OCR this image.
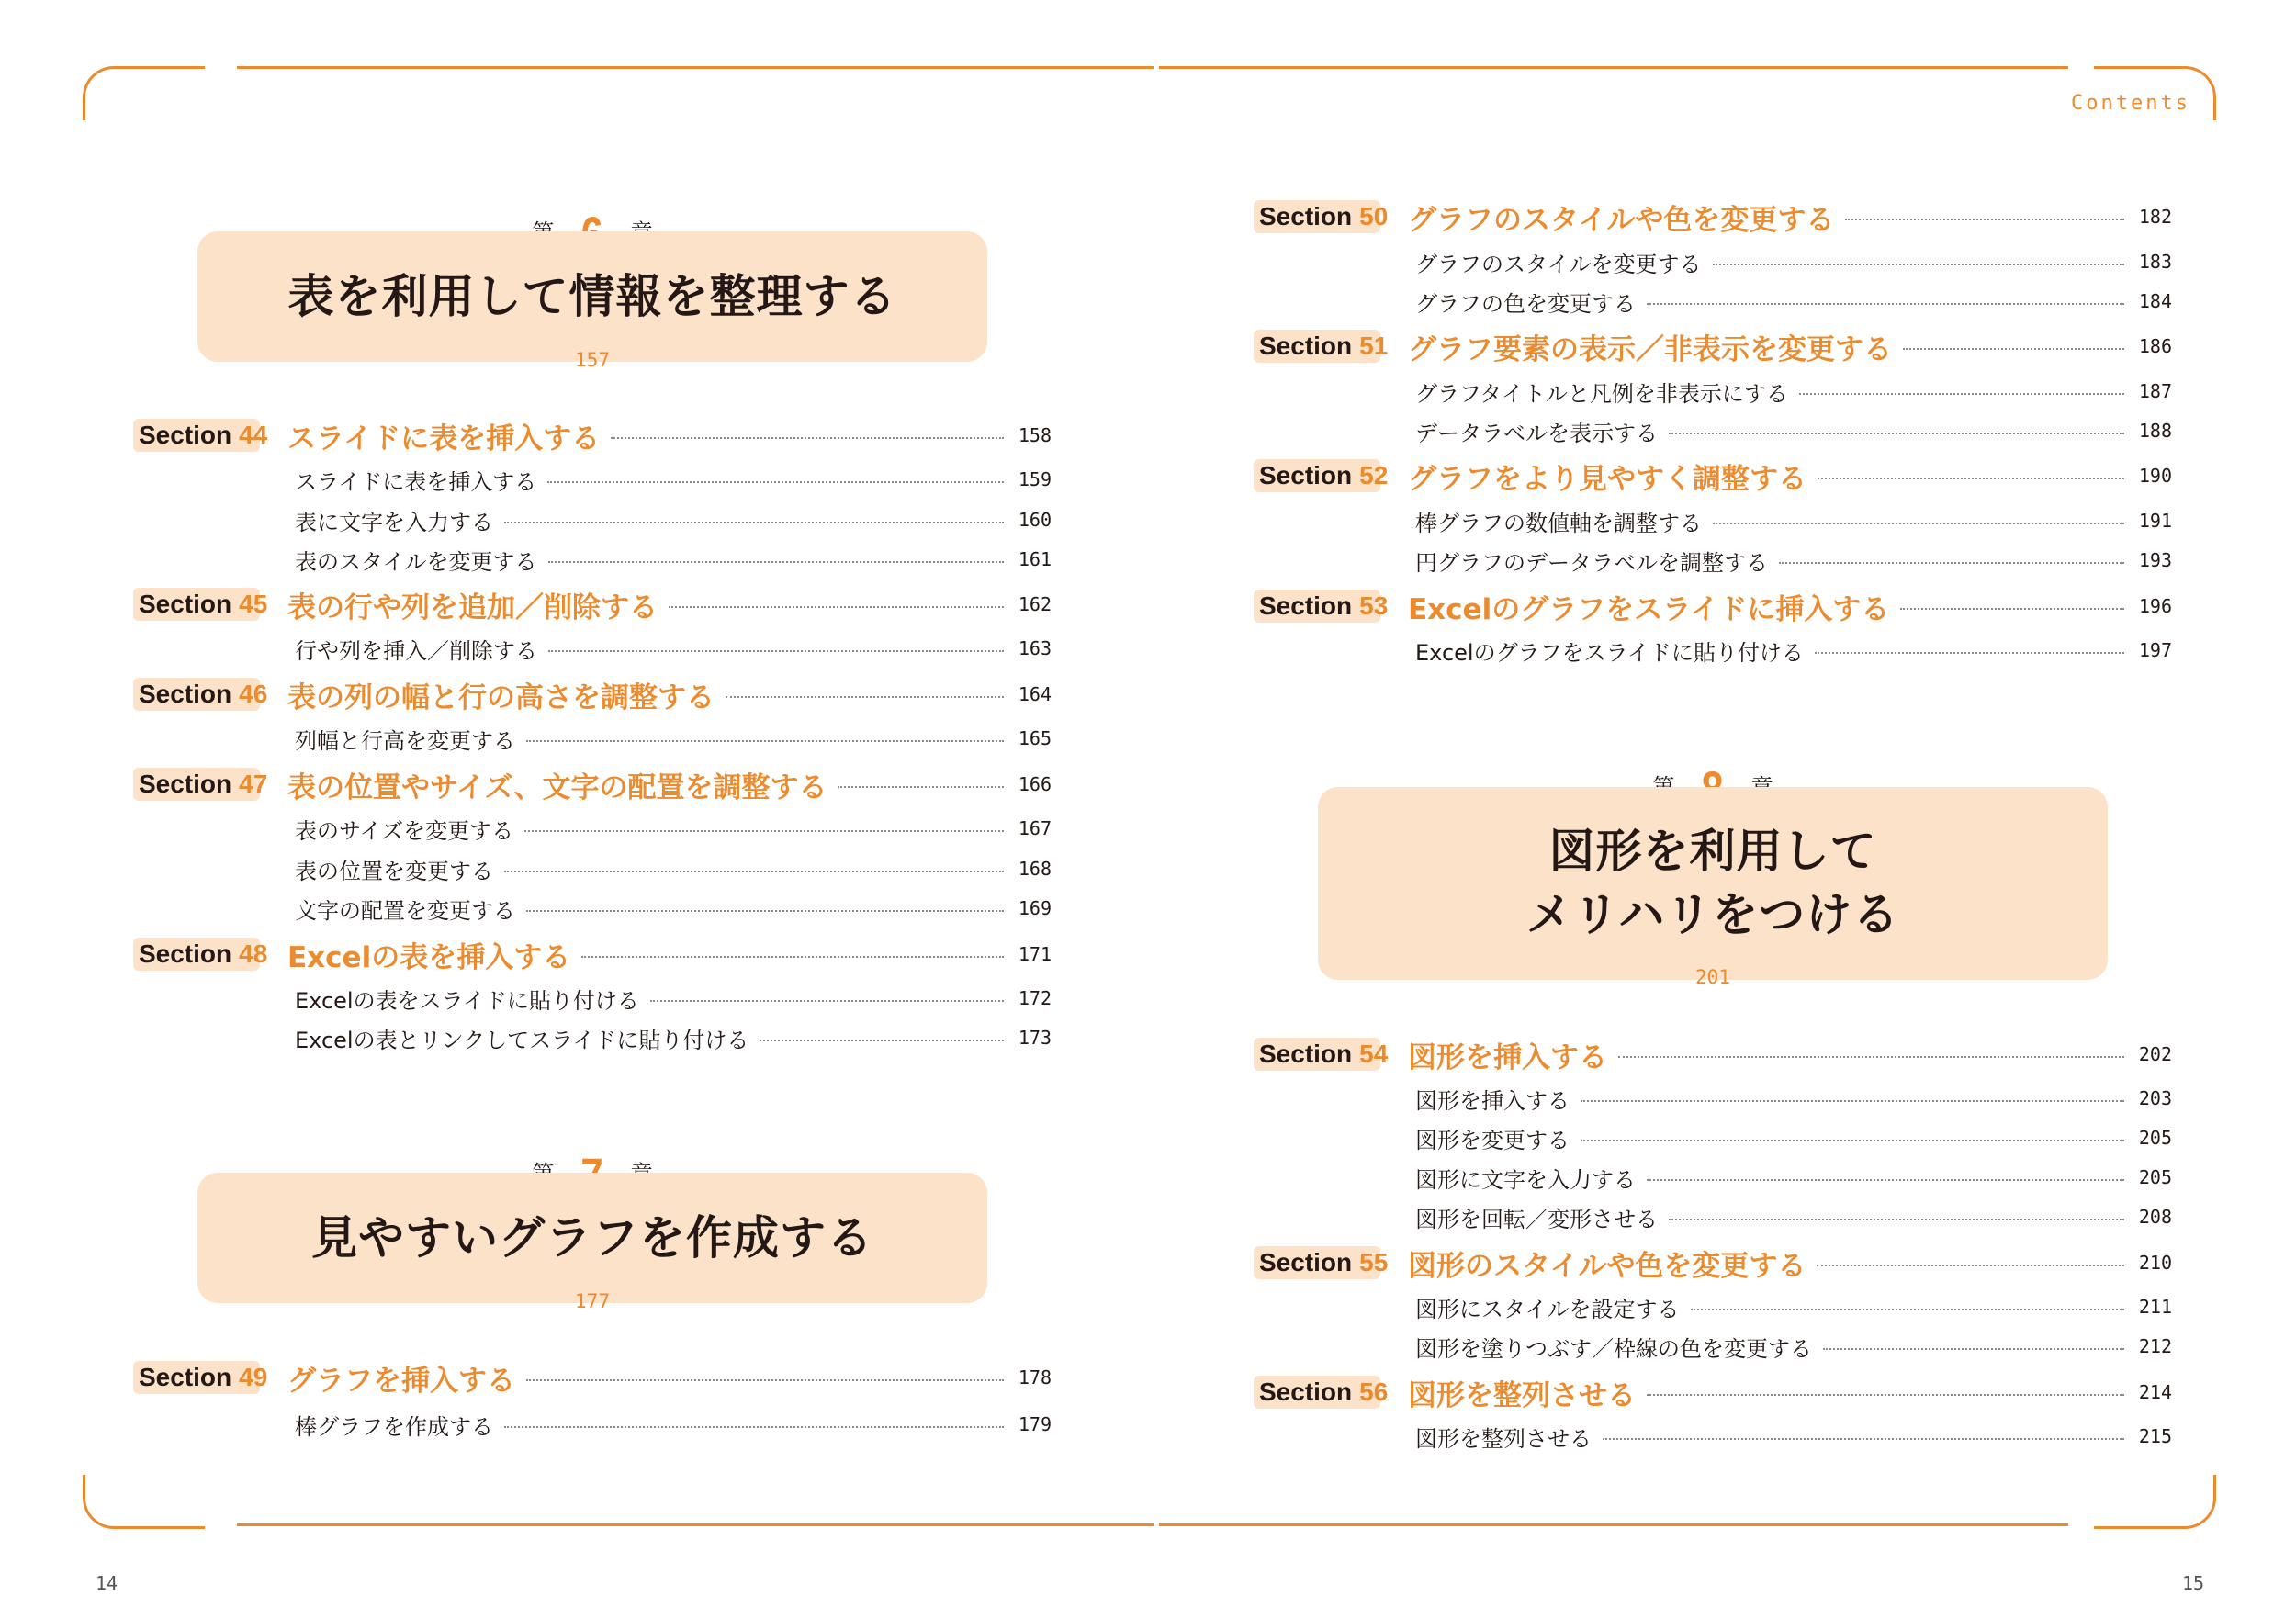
Contents
14	15
表を利用して情報を整理する
157
見やすいグラフを作成する
177
図形を利用して
メリハリをつける
201
Section 44 スライドに表を挿入する	158
スライドに表を挿入する	159
表に文字を入力する	160
表のスタイルを変更する	161
Section 45 表の行や列を追加／削除する	162
行や列を挿入／削除する	163
Section 46 表の列の幅と行の高さを調整する	164
列幅と行高を変更する	165
Section 47 表の位置やサイズ、文字の配置を調整する	166
表のサイズを変更する	167
表の位置を変更する	168
文字の配置を変更する	169
Section 48 Excelの表を挿入する	171
Excelの表をスライドに貼り付ける	172
Excelの表とリンクしてスライドに貼り付ける	173
Section 49 グラフを挿入する	178
棒グラフを作成する	179
Section 50 グラフのスタイルや色を変更する	182
グラフのスタイルを変更する	183
グラフの色を変更する	184
Section 51 グラフ要素の表示／非表示を変更する	186
グラフタイトルと凡例を非表示にする	187
データラベルを表示する	188
Section 52 グラフをより見やすく調整する	190
棒グラフの数値軸を調整する	191
円グラフのデータラベルを調整する	193
Section 53 Excelのグラフをスライドに挿入する	196
Excelのグラフをスライドに貼り付ける	197
Section 54 図形を挿入する	202
図形を挿入する	203
図形を変更する	205
図形に文字を入力する	205
図形を回転／変形させる	208
Section 55 図形のスタイルや色を変更する	210
図形にスタイルを設定する	211
図形を塗りつぶす／枠線の色を変更する	212
Section 56 図形を整列させる	214
図形を整列させる	215
